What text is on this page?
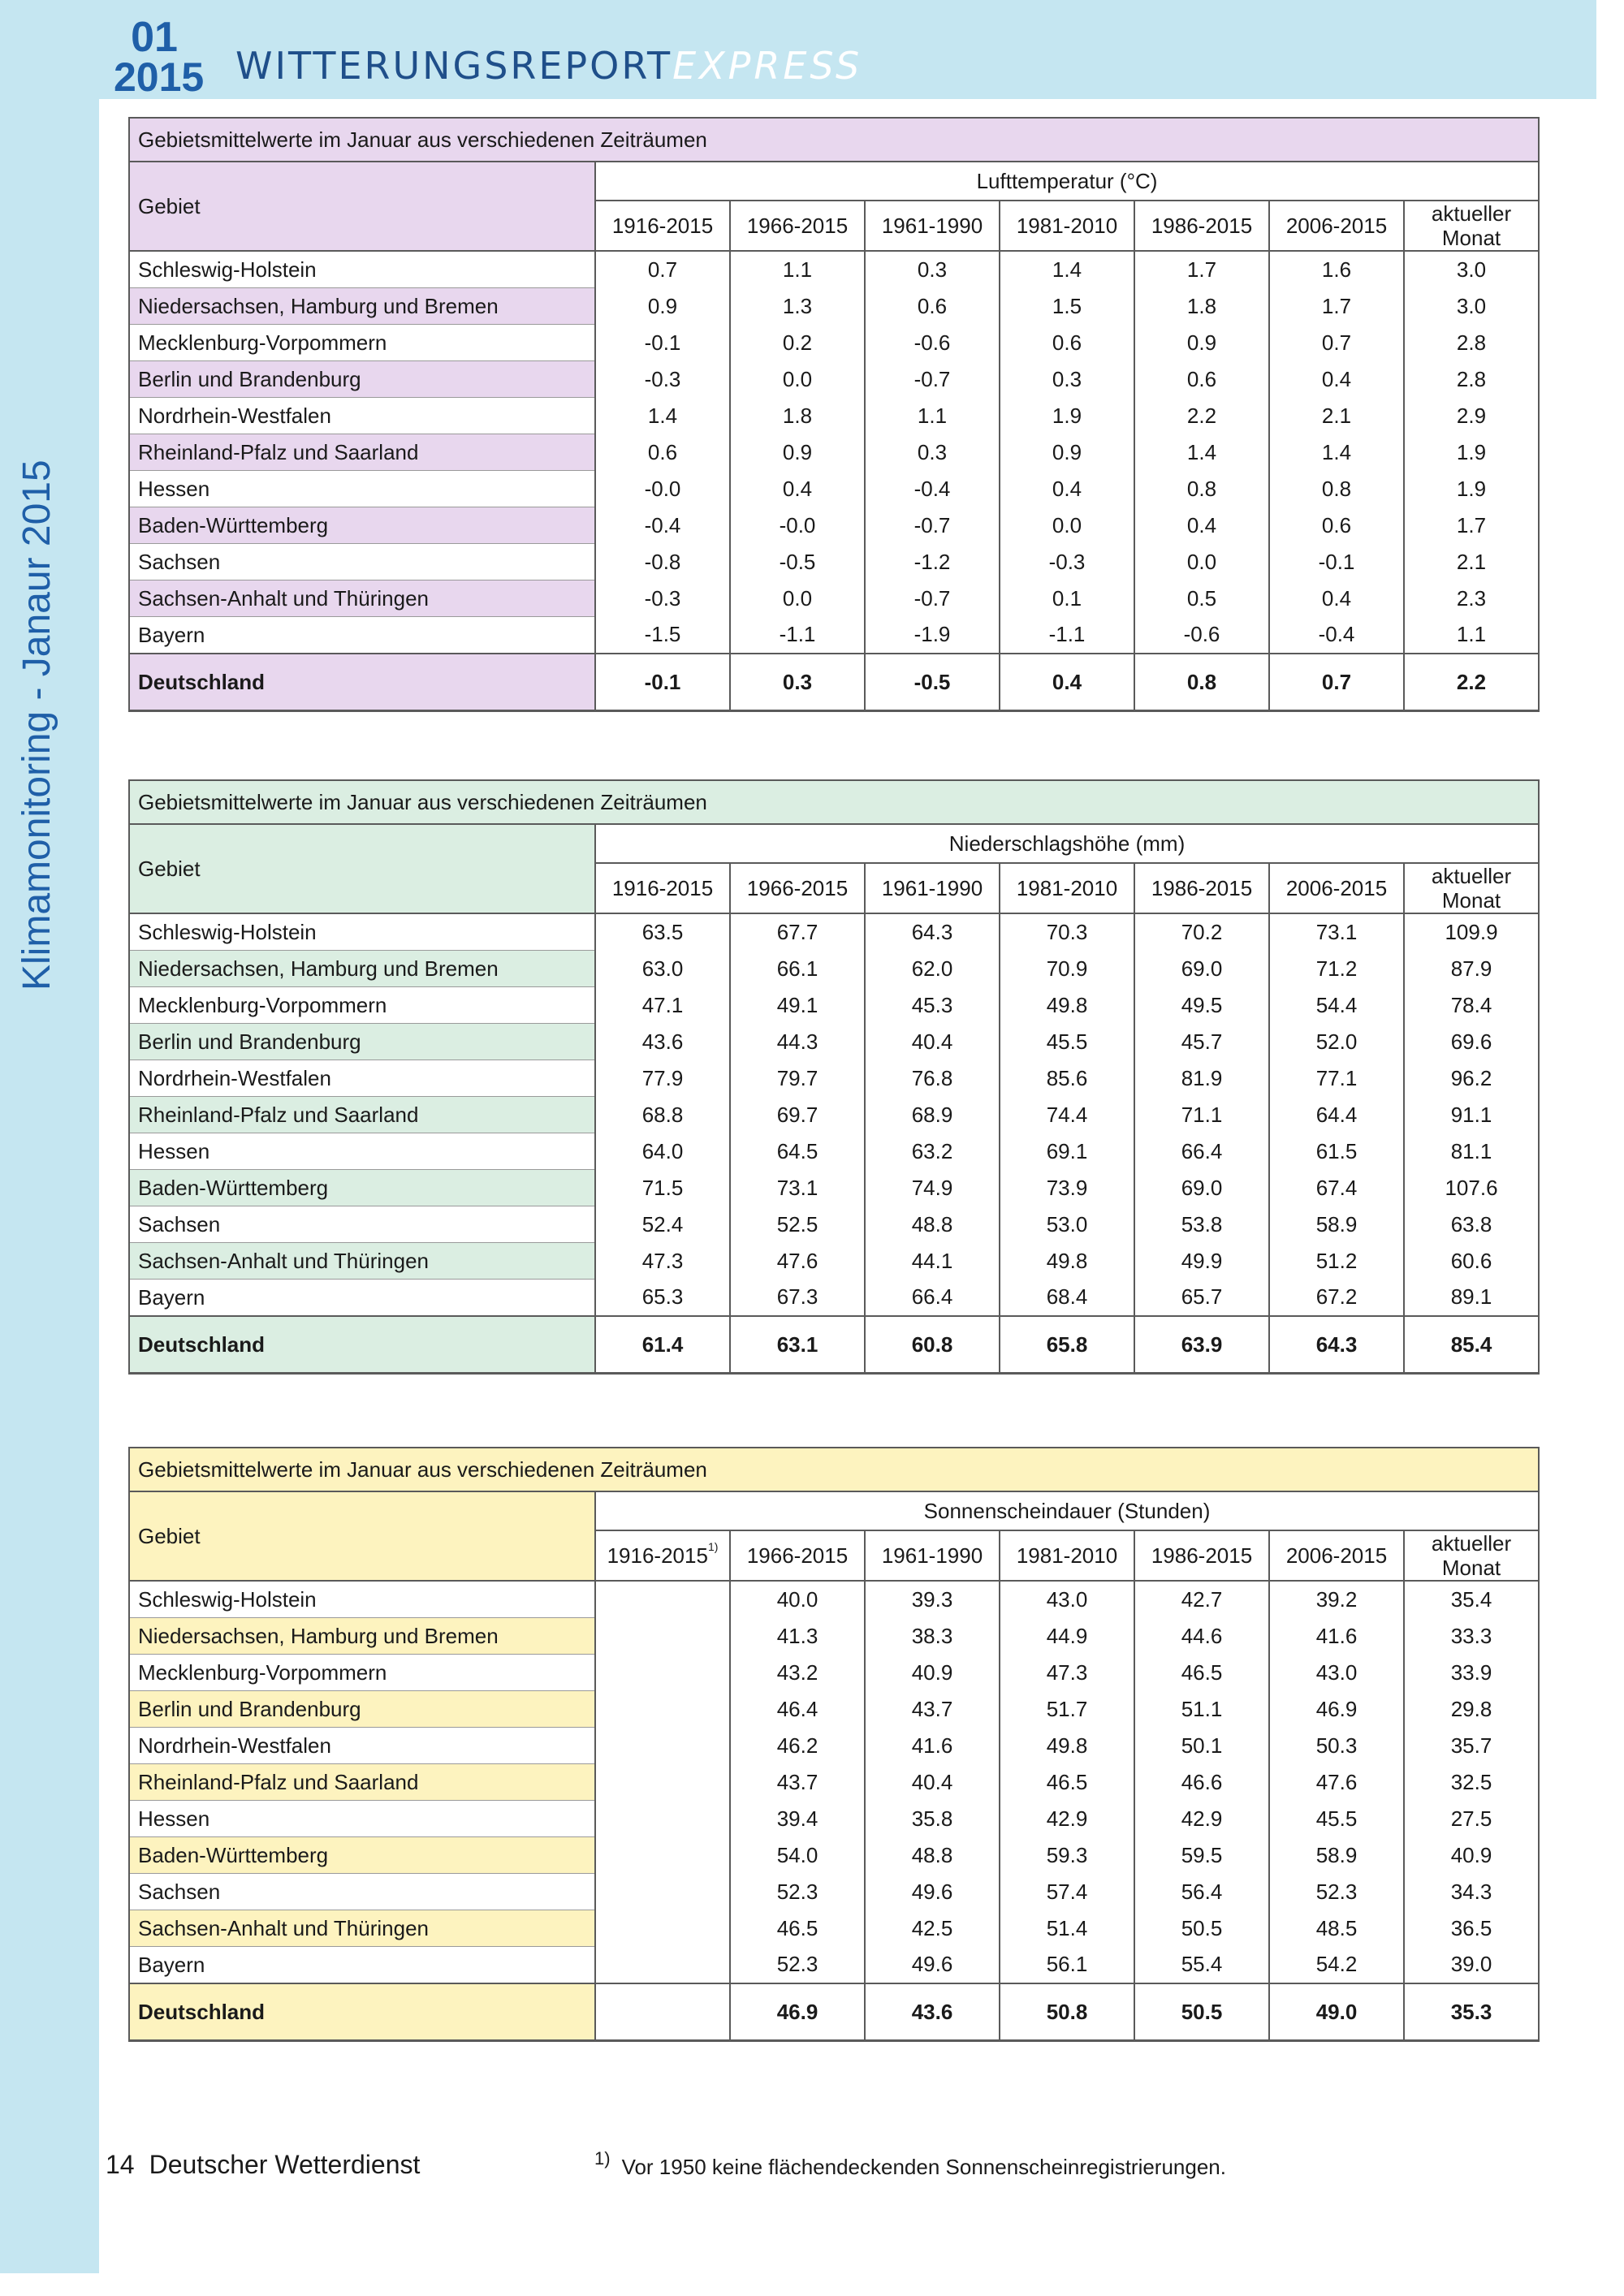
01
2015 WITTERUNGSREPORTEXPRESS
Klimamonitoring - Janaur 2015
Gebietsmittelwerte im Januar aus verschiedenen Zeiträumen							
Gebiet	Lufttemperatur (°C)						
	1916-2015	1966-2015	1961-1990	1981-2010	1986-2015	2006-2015	aktueller
Monat
Schleswig-Holstein	0.7	1.1	0.3	1.4	1.7	1.6	3.0
Niedersachsen, Hamburg und Bremen	0.9	1.3	0.6	1.5	1.8	1.7	3.0
Mecklenburg-Vorpommern	-0.1	0.2	-0.6	0.6	0.9	0.7	2.8
Berlin und Brandenburg	-0.3	0.0	-0.7	0.3	0.6	0.4	2.8
Nordrhein-Westfalen	1.4	1.8	1.1	1.9	2.2	2.1	2.9
Rheinland-Pfalz und Saarland	0.6	0.9	0.3	0.9	1.4	1.4	1.9
Hessen	-0.0	0.4	-0.4	0.4	0.8	0.8	1.9
Baden-Württemberg	-0.4	-0.0	-0.7	0.0	0.4	0.6	1.7
Sachsen	-0.8	-0.5	-1.2	-0.3	0.0	-0.1	2.1
Sachsen-Anhalt und Thüringen	-0.3	0.0	-0.7	0.1	0.5	0.4	2.3
Bayern	-1.5	-1.1	-1.9	-1.1	-0.6	-0.4	1.1
Deutschland	-0.1	0.3	-0.5	0.4	0.8	0.7	2.2
Gebietsmittelwerte im Januar aus verschiedenen Zeiträumen							
Gebiet	Niederschlagshöhe (mm)						
	1916-2015	1966-2015	1961-1990	1981-2010	1986-2015	2006-2015	aktueller
Monat
Schleswig-Holstein	63.5	67.7	64.3	70.3	70.2	73.1	109.9
Niedersachsen, Hamburg und Bremen	63.0	66.1	62.0	70.9	69.0	71.2	87.9
Mecklenburg-Vorpommern	47.1	49.1	45.3	49.8	49.5	54.4	78.4
Berlin und Brandenburg	43.6	44.3	40.4	45.5	45.7	52.0	69.6
Nordrhein-Westfalen	77.9	79.7	76.8	85.6	81.9	77.1	96.2
Rheinland-Pfalz und Saarland	68.8	69.7	68.9	74.4	71.1	64.4	91.1
Hessen	64.0	64.5	63.2	69.1	66.4	61.5	81.1
Baden-Württemberg	71.5	73.1	74.9	73.9	69.0	67.4	107.6
Sachsen	52.4	52.5	48.8	53.0	53.8	58.9	63.8
Sachsen-Anhalt und Thüringen	47.3	47.6	44.1	49.8	49.9	51.2	60.6
Bayern	65.3	67.3	66.4	68.4	65.7	67.2	89.1
Deutschland	61.4	63.1	60.8	65.8	63.9	64.3	85.4
Gebietsmittelwerte im Januar aus verschiedenen Zeiträumen							
Gebiet	Sonnenscheindauer (Stunden)						
	1916-2015$^{1)}$	1966-2015	1961-1990	1981-2010	1986-2015	2006-2015	aktueller
Monat
Schleswig-Holstein		40.0	39.3	43.0	42.7	39.2	35.4
Niedersachsen, Hamburg und Bremen		41.3	38.3	44.9	44.6	41.6	33.3
Mecklenburg-Vorpommern		43.2	40.9	47.3	46.5	43.0	33.9
Berlin und Brandenburg		46.4	43.7	51.7	51.1	46.9	29.8
Nordrhein-Westfalen		46.2	41.6	49.8	50.1	50.3	35.7
Rheinland-Pfalz und Saarland		43.7	40.4	46.5	46.6	47.6	32.5
Hessen		39.4	35.8	42.9	42.9	45.5	27.5
Baden-Württemberg		54.0	48.8	59.3	59.5	58.9	40.9
Sachsen		52.3	49.6	57.4	56.4	52.3	34.3
Sachsen-Anhalt und Thüringen		46.5	42.5	51.4	50.5	48.5	36.5
Bayern		52.3	49.6	56.1	55.4	54.2	39.0
Deutschland		46.9	43.6	50.8	50.5	49.0	35.3
14 Deutscher Wetterdienst	$^{1)}$ Vor 1950 keine flächendeckenden Sonnenscheinregistrierungen.
